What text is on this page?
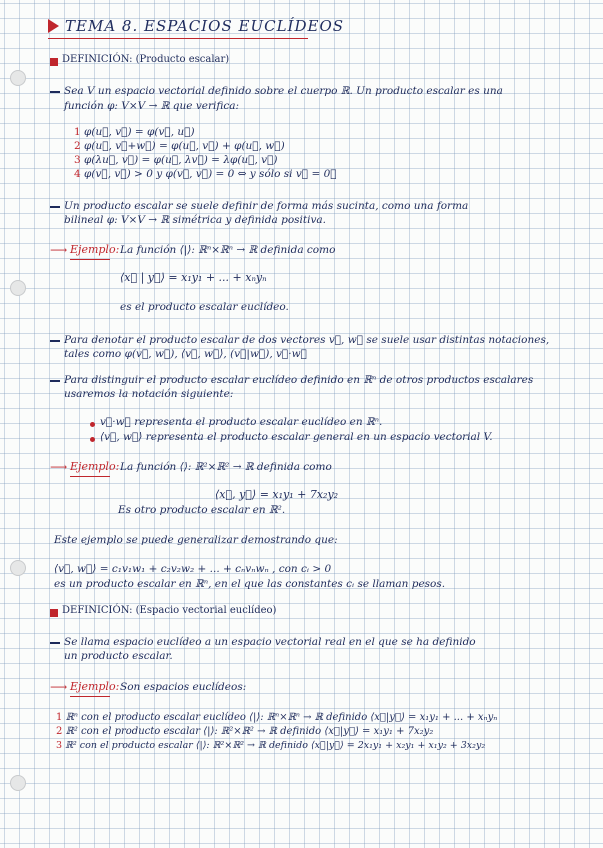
TEMA 8. ESPACIOS EUCLÍDEOS
DEFINICIÓN: (Producto escalar)
Sea V un espacio vectorial definido sobre el cuerpo ℝ. Un producto escalar es una
función φ: V×V → ℝ que verifica:
1 φ(u⃗, v⃗) = φ(v⃗, u⃗)
2 φ(u⃗, v⃗+w⃗) = φ(u⃗, v⃗) + φ(u⃗, w⃗)
3 φ(λu⃗, v⃗) = φ(u⃗, λv⃗) = λφ(u⃗, v⃗)
4 φ(v⃗, v⃗) > 0 y φ(v⃗, v⃗) = 0 ⇔ y sólo si v⃗ = 0⃗
Un producto escalar se suele definir de forma más sucinta, como una forma
bilineal φ: V×V → ℝ simétrica y definida positiva.
⟶ Ejemplo: La función ⟨|⟩: ℝⁿ×ℝⁿ → ℝ definida como
⟨x⃗ | y⃗⟩ = x₁y₁ + ... + xₙyₙ
es el producto escalar euclídeo.
Para denotar el producto escalar de dos vectores v⃗, w⃗ se suele usar distintas notaciones,
tales como φ(v⃗, w⃗), ⟨v⃗, w⃗⟩, (v⃗|w⃗), v⃗·w⃗
Para distinguir el producto escalar euclídeo definido en ℝⁿ de otros productos escalares
usaremos la notación siguiente:
v⃗·w⃗ representa el producto escalar euclídeo en ℝⁿ.
⟨v⃗, w⃗⟩ representa el producto escalar general en un espacio vectorial V.
⟶ Ejemplo: La función ⟨⟩: ℝ²×ℝ² → ℝ definida como
⟨x⃗, y⃗⟩ = x₁y₁ + 7x₂y₂
Es otro producto escalar en ℝ².
Este ejemplo se puede generalizar demostrando que:
⟨v⃗, w⃗⟩ = c₁v₁w₁ + c₂v₂w₂ + ... + cₙvₙwₙ , con cᵢ > 0
es un producto escalar en ℝⁿ, en el que las constantes cᵢ se llaman pesos.
DEFINICIÓN: (Espacio vectorial euclídeo)
Se llama espacio euclídeo a un espacio vectorial real en el que se ha definido
un producto escalar.
⟶ Ejemplo: Son espacios euclídeos:
1 ℝⁿ con el producto escalar euclídeo ⟨|⟩: ℝⁿ×ℝⁿ → ℝ definido ⟨x⃗|y⃗⟩ = x₁y₁ + ... + xₙyₙ
2 ℝ² con el producto escalar ⟨|⟩: ℝ²×ℝ² → ℝ definido ⟨x⃗|y⃗⟩ = x₁y₁ + 7x₂y₂
3 ℝ² con el producto escalar ⟨|⟩: ℝ²×ℝ² → ℝ definido ⟨x⃗|y⃗⟩ = 2x₁y₁ + x₂y₁ + x₁y₂ + 3x₂y₂
